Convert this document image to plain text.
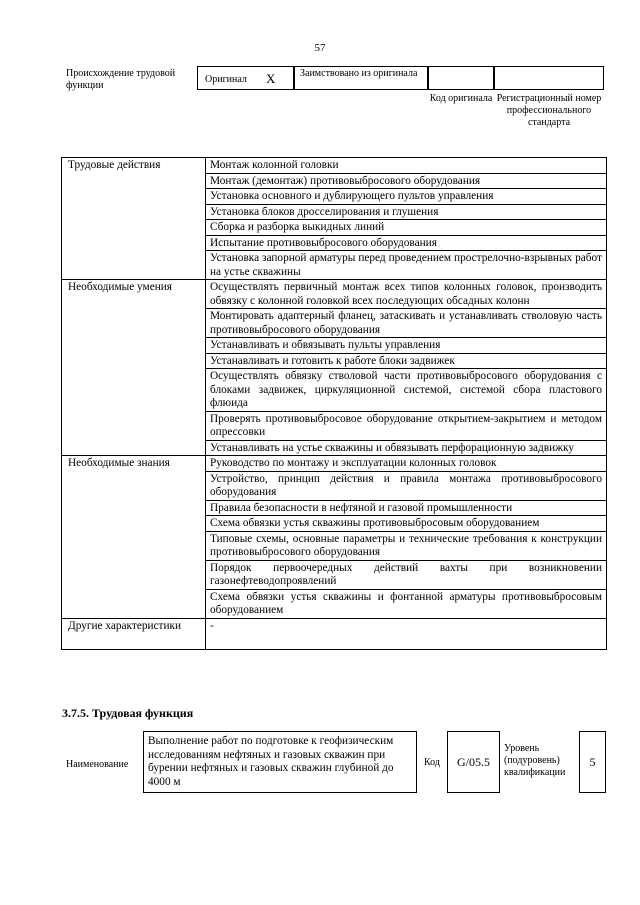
57
Происхождение трудовой функции
Оригинал X Заимствовано из оригинала
Код оригинала Регистрационный номер профессионального стандарта
Трудовые действия	Монтаж колонной головки
	Монтаж (демонтаж) противовыбросового оборудования
	Установка основного и дублирующего пультов управления
	Установка блоков дросселирования и глушения
	Сборка и разборка выкидных линий
	Испытание противовыбросового оборудования
	Установка запорной арматуры перед проведением прострелочно-взрывных работ на устье скважины
Необходимые умения	Осуществлять первичный монтаж всех типов колонных головок, производить обвязку с колонной головкой всех последующих обсадных колонн
	Монтировать адаптерный фланец, затаскивать и устанавливать стволовую часть противовыбросового оборудования
	Устанавливать и обвязывать пульты управления
	Устанавливать и готовить к работе блоки задвижек
	Осуществлять обвязку стволовой части противовыбросового оборудования с блоками задвижек, циркуляционной системой, системой сбора пластового флюида
	Проверять противовыбросовое оборудование открытием-закрытием и методом опрессовки
	Устанавливать на устье скважины и обвязывать перфорационную задвижку
Необходимые знания	Руководство по монтажу и эксплуатации колонных головок
	Устройство, принцип действия и правила монтажа противовыбросового оборудования
	Правила безопасности в нефтяной и газовой промышленности
	Схема обвязки устья скважины противовыбросовым оборудованием
	Типовые схемы, основные параметры и технические требования к конструкции противовыбросового оборудования
	Порядок первоочередных действий вахты при возникновении газонефтеводопроявлений
	Схема обвязки устья скважины и фонтанной арматуры противовыбросовым оборудованием
Другие характеристики	-
3.7.5. Трудовая функция
Наименование
Выполнение работ по подготовке к геофизическим исследованиям нефтяных и газовых скважин при бурении нефтяных и газовых скважин глубиной до 4000 м
Код	G/05.5
Уровень (подуровень) квалификации
5
